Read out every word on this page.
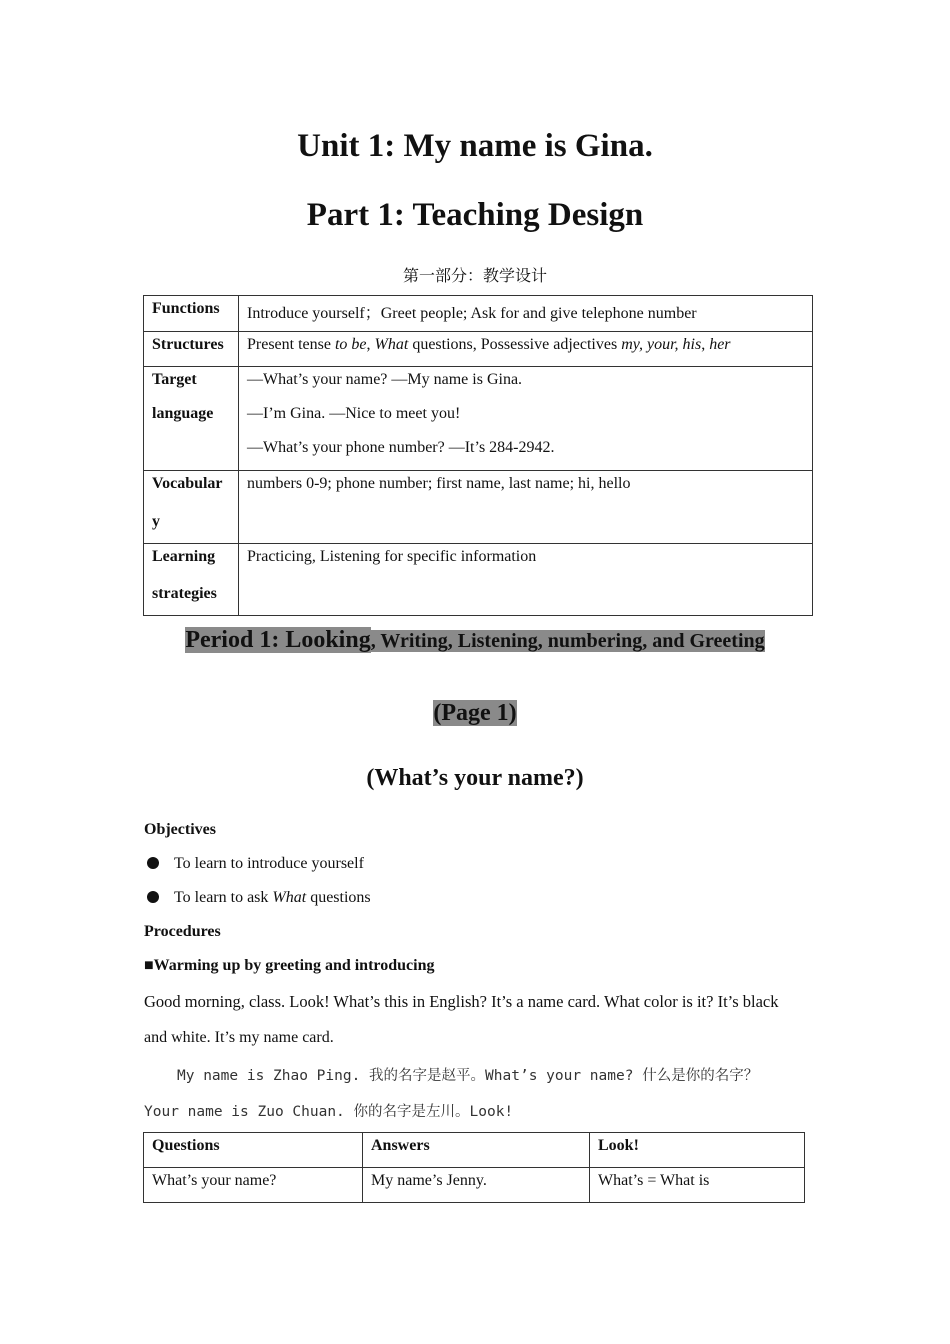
Unit 1: My name is Gina.
Part 1: Teaching Design
第一部分：教学设计
Functions	Introduce yourself；Greet people; Ask for and give telephone number
Structures	Present tense to be, What questions, Possessive adjectives my, your, his, her

Target language	—What’s your name? —My name is Gina.
—I’m Gina. —Nice to meet you!
—What’s your phone number? —It’s 284-2942.

Vocabulary	numbers 0-9; phone number; first name, last name; hi, hello

Learning strategies	Practicing, Listening for specific information
Period 1: Looking, Writing, Listening, numbering, and Greeting
(Page 1)
(What’s your name?)
Objectives
To learn to introduce yourself
To learn to ask What questions
Procedures
■Warming up by greeting and introducing
Good morning, class. Look! What’s this in English? It’s a name card. What color is it? It’s black
and white. It’s my name card.
My name is Zhao Ping. 我的名字是赵平。What’s your name? 什么是你的名字？
Your name is Zuo Chuan. 你的名字是左川。Look!
Questions	Answers	Look!
What’s your name?	My name’s Jenny.	What’s = What is
